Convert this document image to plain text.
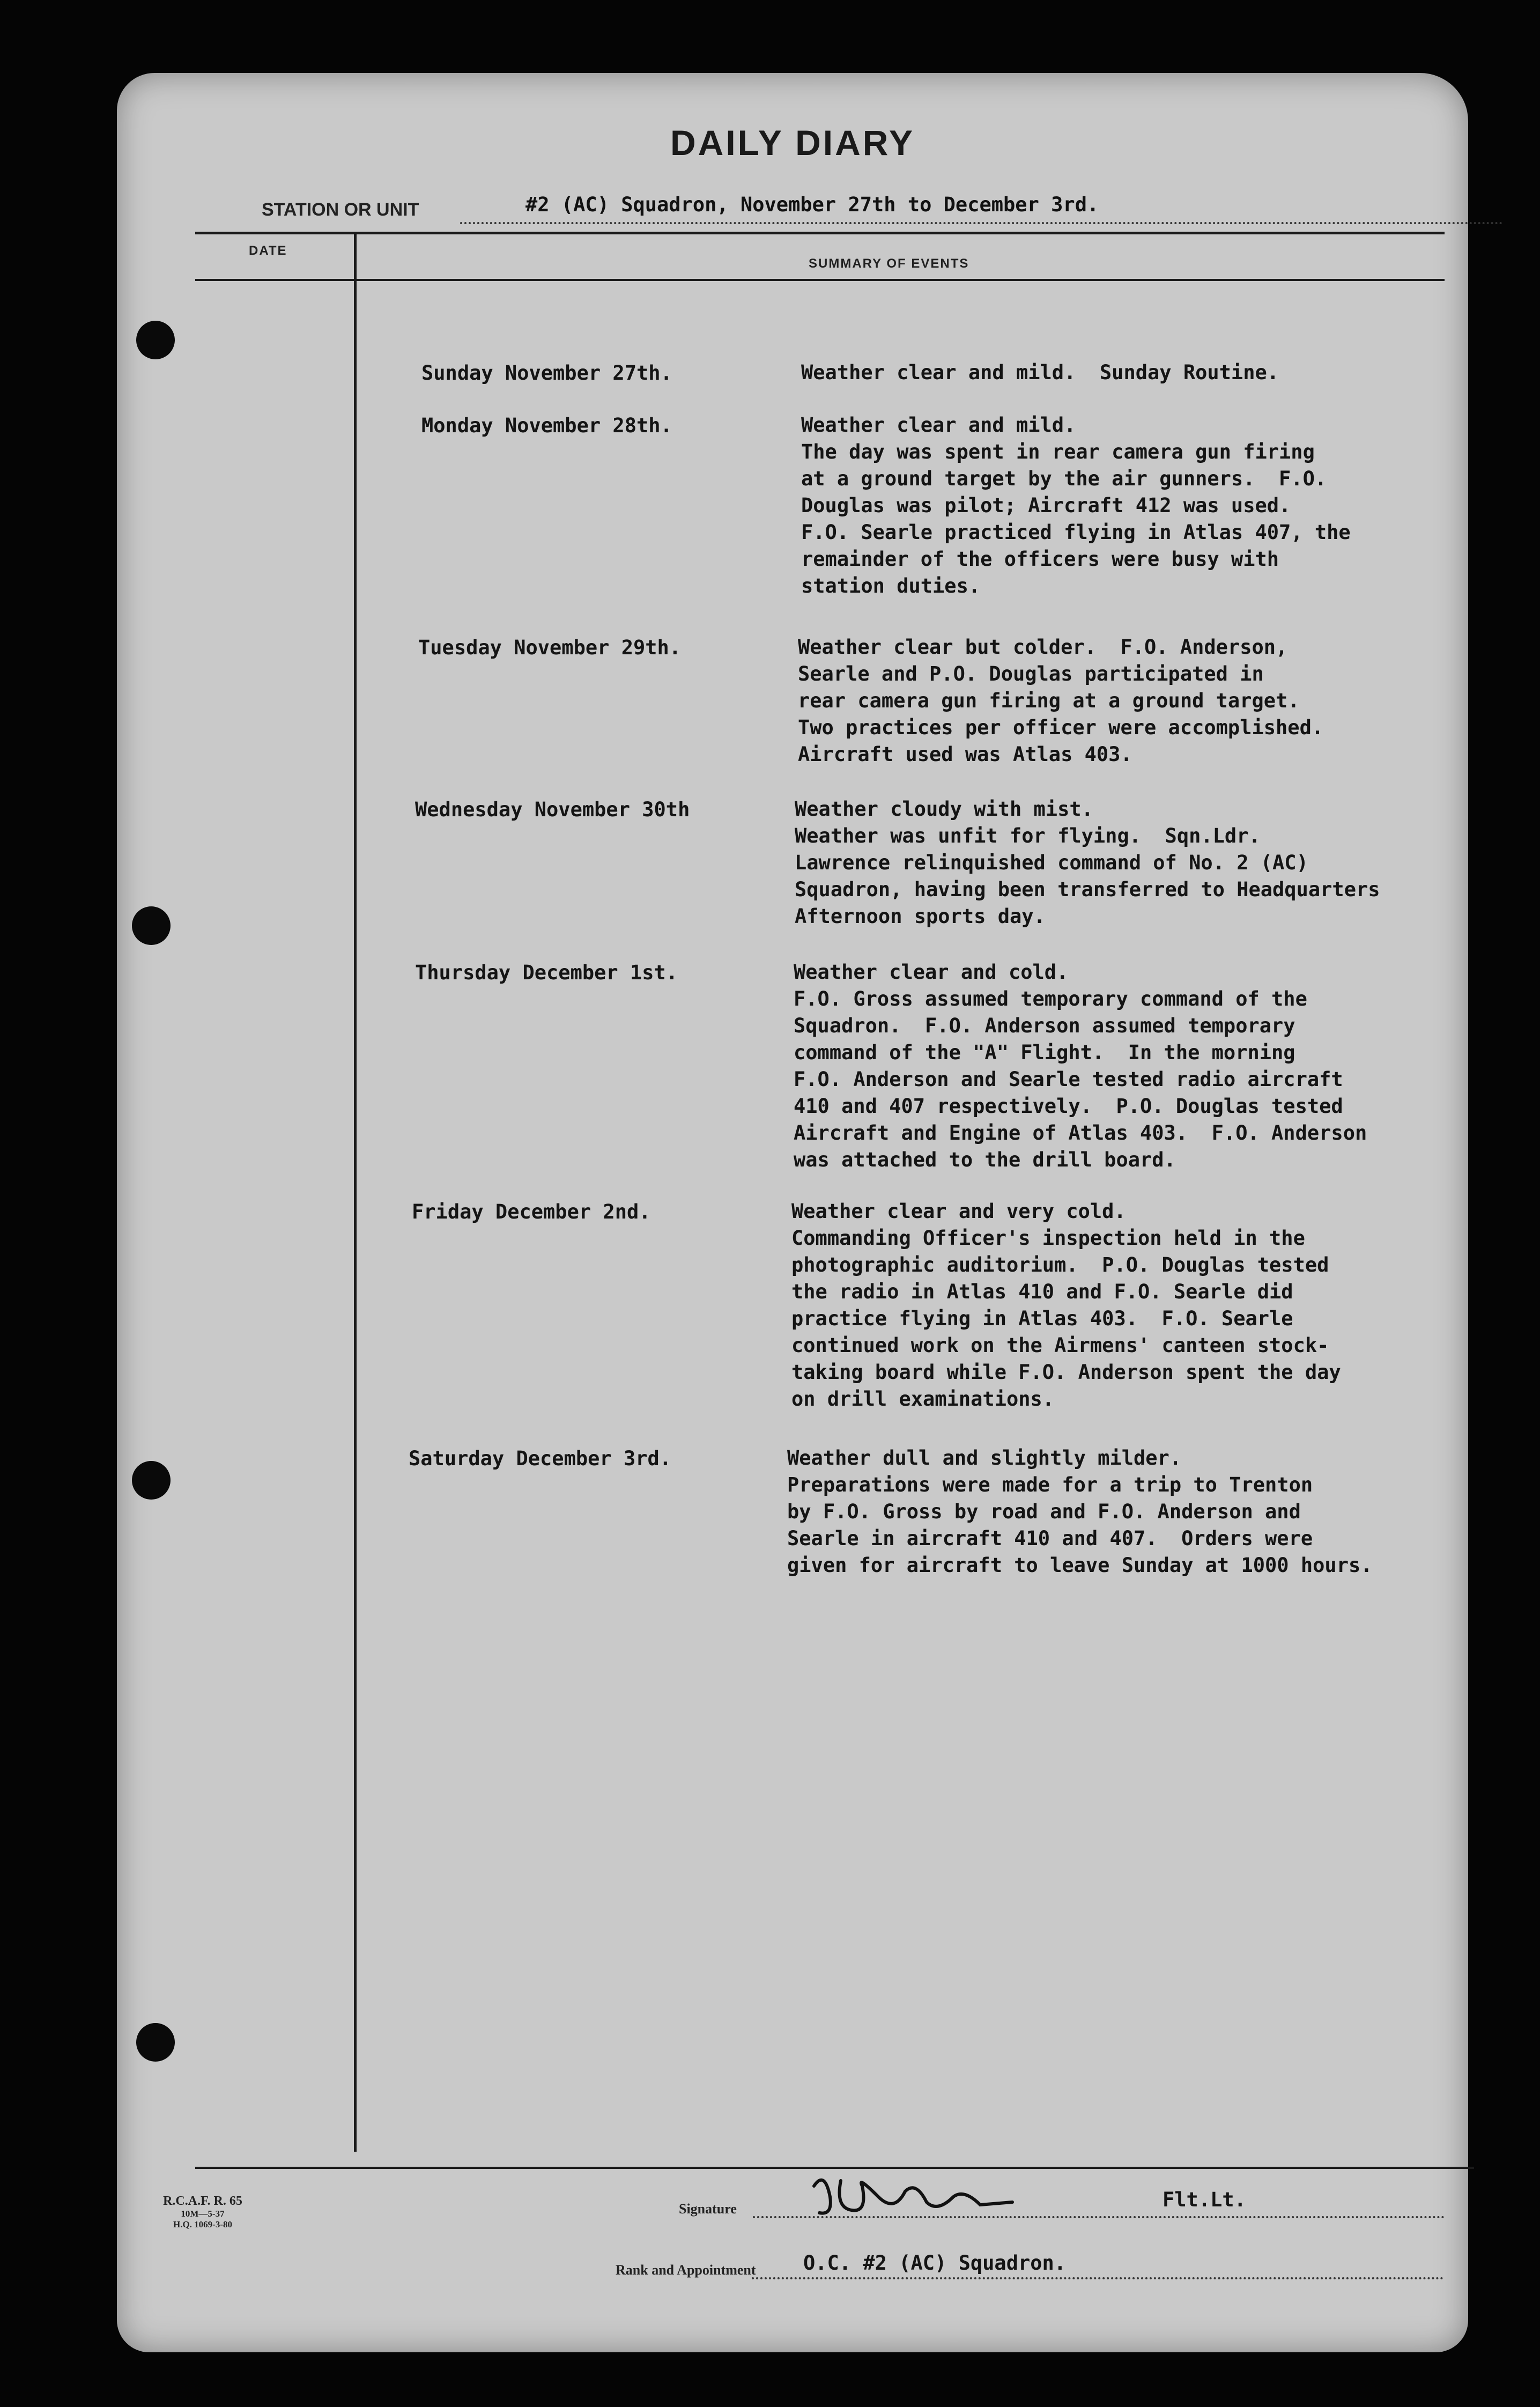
DAILY DIARY
STATION OR UNIT	#2 (AC) Squadron, November 27th to December 3rd.
DATE
SUMMARY OF EVENTS
Sunday November 27th.	Weather clear and mild.  Sunday Routine.
Monday November 28th.	Weather clear and mild.
The day was spent in rear camera gun firing
at a ground target by the air gunners.  F.O.
Douglas was pilot; Aircraft 412 was used.
F.O. Searle practiced flying in Atlas 407, the
remainder of the officers were busy with
station duties.
Tuesday November 29th.	Weather clear but colder.  F.O. Anderson,
Searle and P.O. Douglas participated in
rear camera gun firing at a ground target.
Two practices per officer were accomplished.
Aircraft used was Atlas 403.
Wednesday November 30th	Weather cloudy with mist.
Weather was unfit for flying.  Sqn.Ldr.
Lawrence relinquished command of No. 2 (AC)
Squadron, having been transferred to Headquarters
Afternoon sports day.
Thursday December 1st.	Weather clear and cold.
F.O. Gross assumed temporary command of the
Squadron.  F.O. Anderson assumed temporary
command of the "A" Flight.  In the morning
F.O. Anderson and Searle tested radio aircraft
410 and 407 respectively.  P.O. Douglas tested
Aircraft and Engine of Atlas 403.  F.O. Anderson
was attached to the drill board.
Friday December 2nd.	Weather clear and very cold.
Commanding Officer's inspection held in the
photographic auditorium.  P.O. Douglas tested
the radio in Atlas 410 and F.O. Searle did
practice flying in Atlas 403.  F.O. Searle
continued work on the Airmens' canteen stock-
taking board while F.O. Anderson spent the day
on drill examinations.
Saturday December 3rd.	Weather dull and slightly milder.
Preparations were made for a trip to Trenton
by F.O. Gross by road and F.O. Anderson and
Searle in aircraft 410 and 407.  Orders were
given for aircraft to leave Sunday at 1000 hours.
R.C.A.F. R. 65
10M—5-37
H.Q. 1069-3-80
Signature	Flt.Lt.
Rank and Appointment O.C. #2 (AC) Squadron.
